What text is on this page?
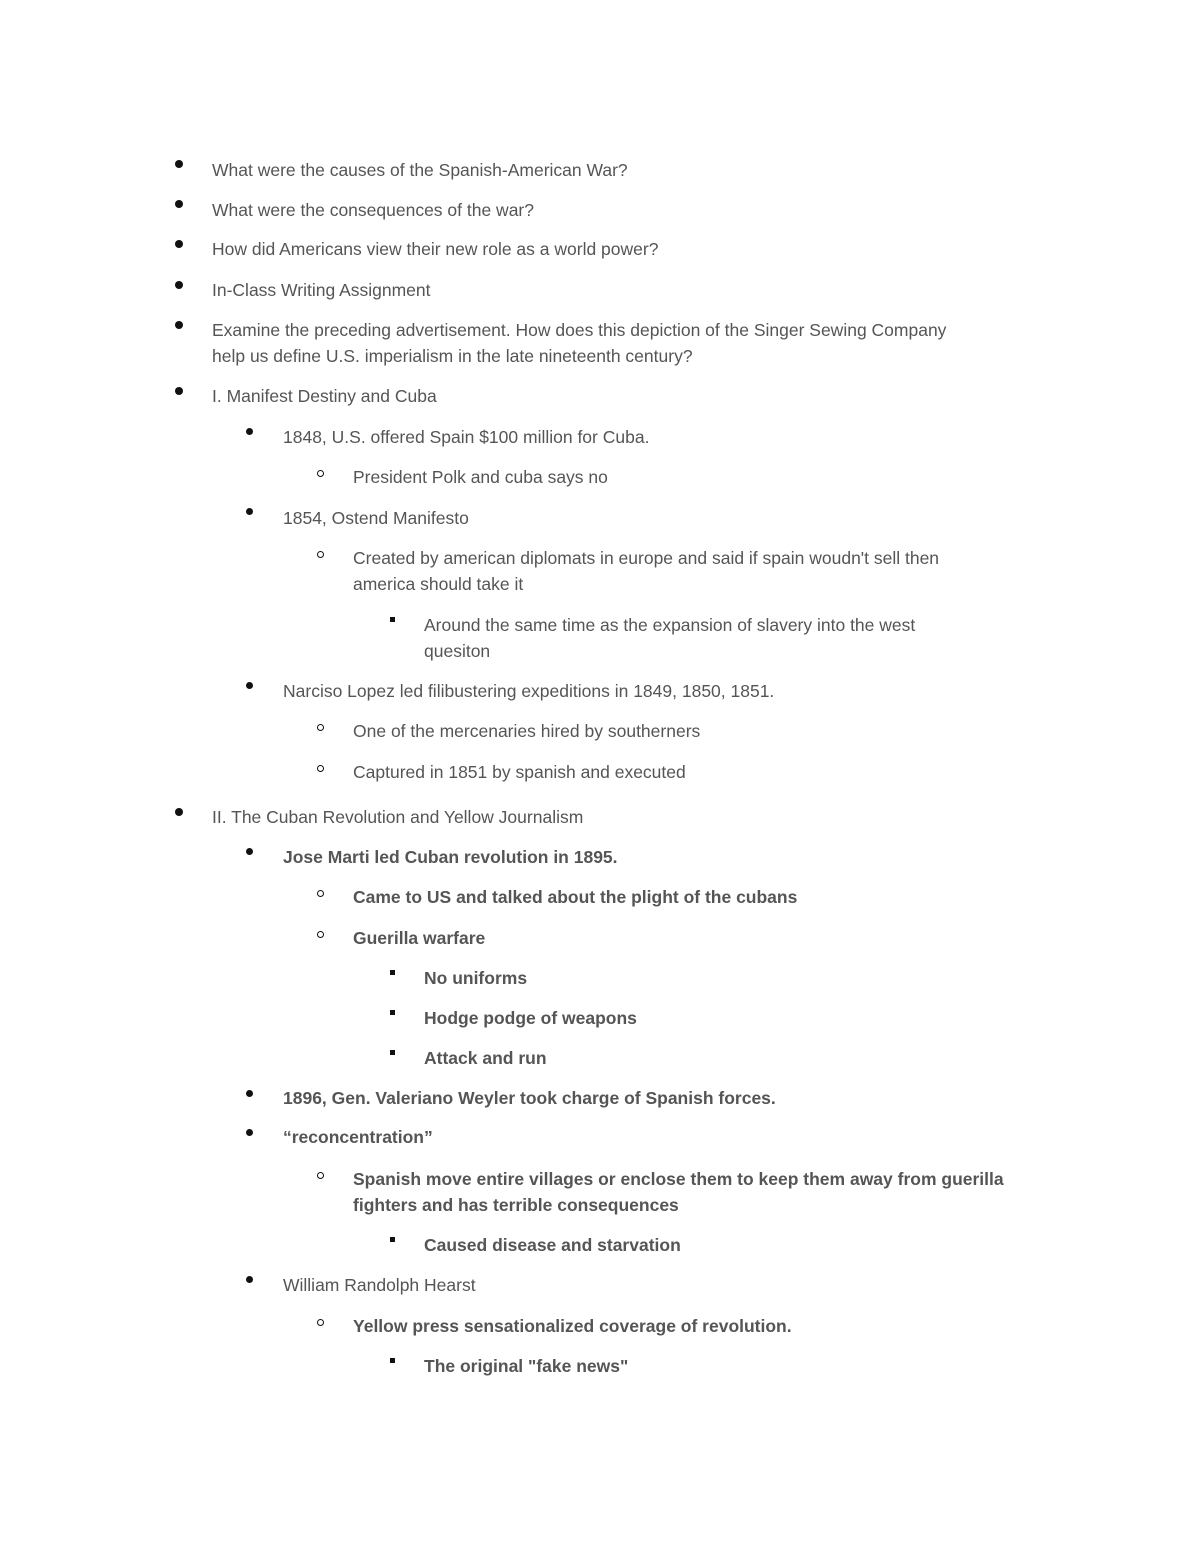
What were the causes of the Spanish-American War?
What were the consequences of the war?
How did Americans view their new role as a world power?
In-Class Writing Assignment
Examine the preceding advertisement. How does this depiction of the Singer Sewing Company
help us define U.S. imperialism in the late nineteenth century?
I. Manifest Destiny and Cuba
1848, U.S. offered Spain $100 million for Cuba.
President Polk and cuba says no
1854, Ostend Manifesto
Created by american diplomats in europe and said if spain woudn't sell then
america should take it
Around the same time as the expansion of slavery into the west
quesiton
Narciso Lopez led filibustering expeditions in 1849, 1850, 1851.
One of the mercenaries hired by southerners
Captured in 1851 by spanish and executed
II. The Cuban Revolution and Yellow Journalism
Jose Marti led Cuban revolution in 1895.
Came to US and talked about the plight of the cubans
Guerilla warfare
No uniforms
Hodge podge of weapons
Attack and run
1896, Gen. Valeriano Weyler took charge of Spanish forces.
“reconcentration”
Spanish move entire villages or enclose them to keep them away from guerilla
fighters and has terrible consequences
Caused disease and starvation
William Randolph Hearst
Yellow press sensationalized coverage of revolution.
The original "fake news"
